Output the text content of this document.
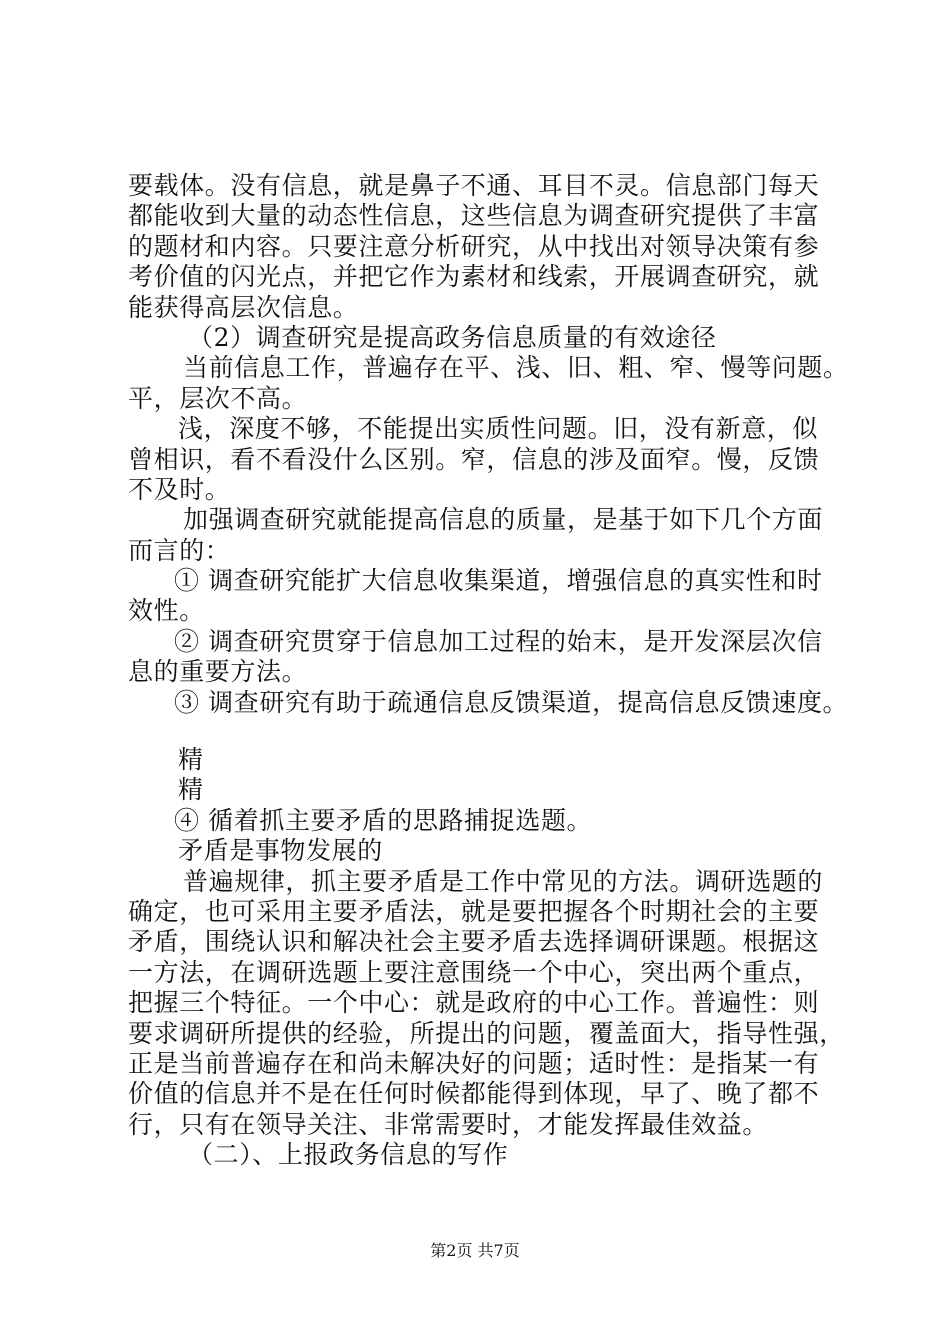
要载体。没有信息，就是鼻子不通、耳目不灵。信息部门每天
都能收到大量的动态性信息，这些信息为调查研究提供了丰富
的题材和内容。只要注意分析研究，从中找出对领导决策有参
考价值的闪光点，并把它作为素材和线索，开展调查研究，就
能获得高层次信息。
（2）调查研究是提高政务信息质量的有效途径
当前信息工作，普遍存在平、浅、旧、粗、窄、慢等问题。
平，层次不高。
浅，深度不够，不能提出实质性问题。旧，没有新意，似
曾相识，看不看没什么区别。窄，信息的涉及面窄。慢，反馈
不及时。
加强调查研究就能提高信息的质量，是基于如下几个方面
而言的：
① 调查研究能扩大信息收集渠道，增强信息的真实性和时
效性。
② 调查研究贯穿于信息加工过程的始末，是开发深层次信
息的重要方法。
③ 调查研究有助于疏通信息反馈渠道，提高信息反馈速度。
精
精
④ 循着抓主要矛盾的思路捕捉选题。
矛盾是事物发展的
普遍规律，抓主要矛盾是工作中常见的方法。调研选题的
确定，也可采用主要矛盾法，就是要把握各个时期社会的主要
矛盾，围绕认识和解决社会主要矛盾去选择调研课题。根据这
一方法，在调研选题上要注意围绕一个中心，突出两个重点，
把握三个特征。一个中心：就是政府的中心工作。普遍性：则
要求调研所提供的经验，所提出的问题，覆盖面大，指导性强，
正是当前普遍存在和尚未解决好的问题；适时性：是指某一有
价值的信息并不是在任何时候都能得到体现，早了、晚了都不
行，只有在领导关注、非常需要时，才能发挥最佳效益。
（二）、上报政务信息的写作
第2页 共7页
